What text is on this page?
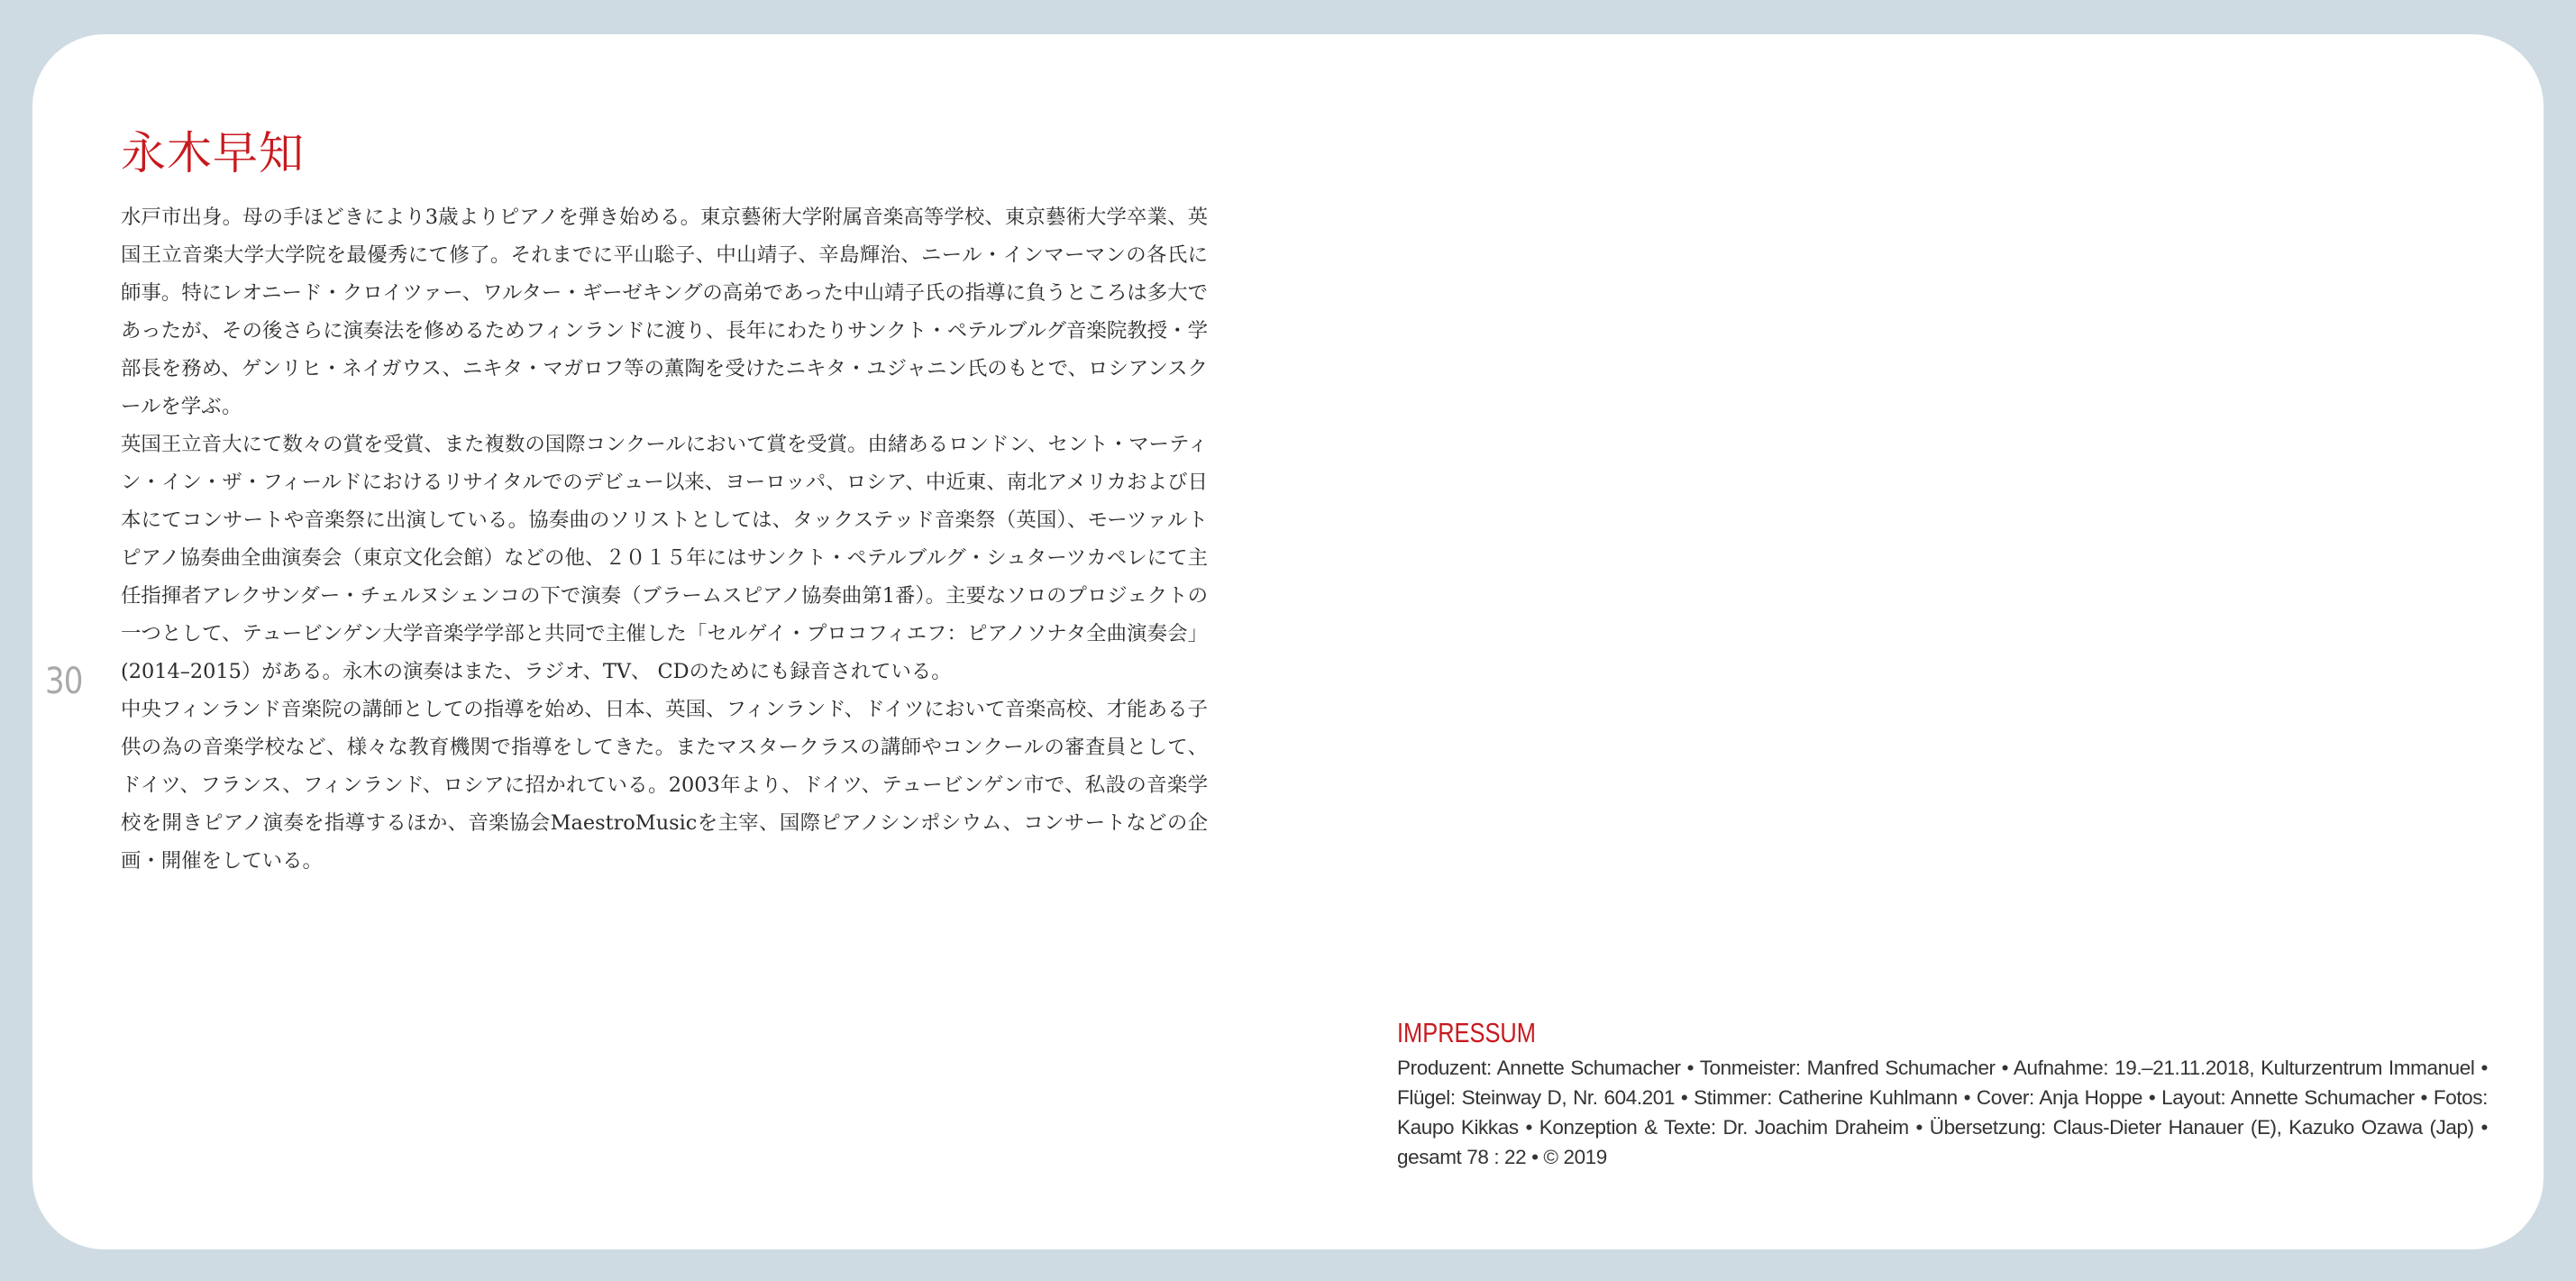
30
永木早知

水戸市出身。母の手ほどきにより3歳よりピアノを弾き始める。東京藝術大学附属音楽高等学校、東京藝術大学卒業、英国王立音楽大学大学院を最優秀にて修了。それまでに平山聡子、中山靖子、辛島輝治、ニール・インマーマンの各氏に師事。特にレオニード・クロイツァー、ワルター・ギーゼキングの高弟であった中山靖子氏の指導に負うところは多大であったが、その後さらに演奏法を修めるためフィンランドに渡り、長年にわたりサンクト・ペテルブルグ音楽院教授・学部長を務め、ゲンリヒ・ネイガウス、ニキタ・マガロフ等の薫陶を受けたニキタ・ユジャニン氏のもとで、ロシアンスクールを学ぶ。

英国王立音大にて数々の賞を受賞、また複数の国際コンクールにおいて賞を受賞。由緒あるロンドン、セント・マーティン・イン・ザ・フィールドにおけるリサイタルでのデビュー以来、ヨーロッパ、ロシア、中近東、南北アメリカおよび日本にてコンサートや音楽祭に出演している。協奏曲のソリストとしては、タックステッド音楽祭（英国）、モーツァルトピアノ協奏曲全曲演奏会（東京文化会館）などの他、２０１５年にはサンクト・ペテルブルグ・シュターツカペレにて主任指揮者アレクサンダー・チェルヌシェンコの下で演奏（ブラームスピアノ協奏曲第1番）。主要なソロのプロジェクトの一つとして、テュービンゲン大学音楽学学部と共同で主催した「セルゲイ・プロコフィエフ：ピアノソナタ全曲演奏会」(2014–2015）がある。永木の演奏はまた、ラジオ、TV、 CDのためにも録音されている。

中央フィンランド音楽院の講師としての指導を始め、日本、英国、フィンランド、ドイツにおいて音楽高校、才能ある子供の為の音楽学校など、様々な教育機関で指導をしてきた。またマスタークラスの講師やコンクールの審査員として、ドイツ、フランス、フィンランド、ロシアに招かれている。2003年より、ドイツ、テュービンゲン市で、私設の音楽学校を開きピアノ演奏を指導するほか、音楽協会MaestroMusicを主宰、国際ピアノシンポシウム、コンサートなどの企画・開催をしている。

IMPRESSUM

Produzent: Annette Schumacher • Tonmeister: Manfred Schumacher • Aufnahme: 19.–21.11.2018, Kulturzentrum Immanuel • Flügel: Steinway D, Nr. 604.201 • Stimmer: Catherine Kuhlmann • Cover: Anja Hoppe • Layout: Annette Schumacher • Fotos: Kaupo Kikkas • Konzeption & Texte: Dr. Joachim Draheim • Übersetzung: Claus-Dieter Hanauer (E), Kazuko Ozawa (Jap) • gesamt 78 : 22 • © 2019
